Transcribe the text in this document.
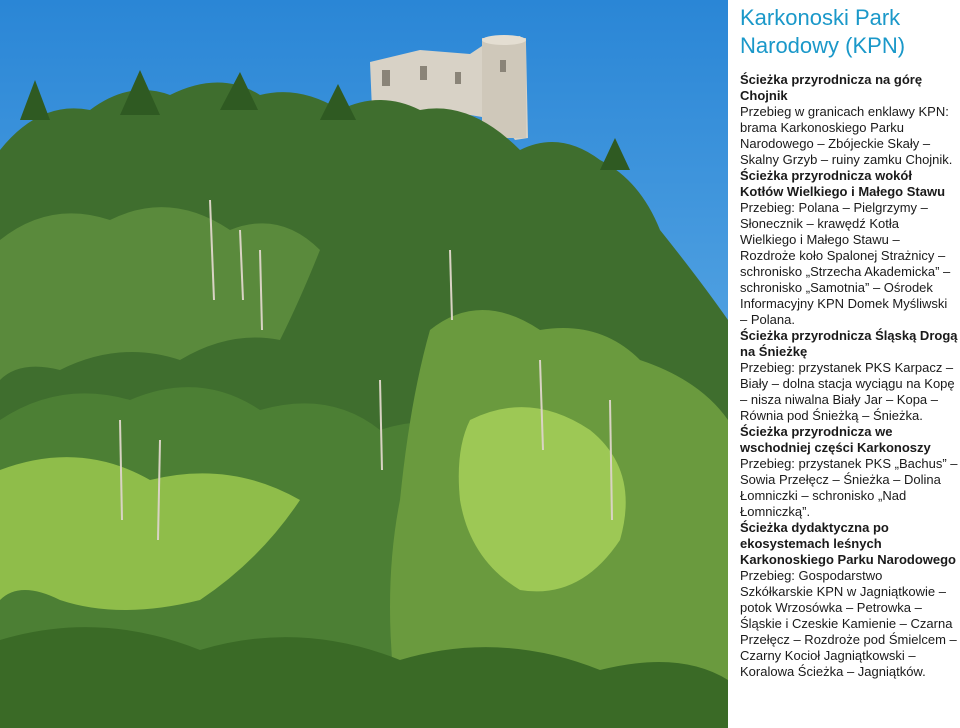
Karkonoski Park Narodowy (KPN)
Ścieżka przyrodnicza na górę Chojnik
Przebieg w granicach enklawy KPN: brama Karkonoskiego Parku Narodowego – Zbójeckie Skały – Skalny Grzyb – ruiny zamku Chojnik.
Ścieżka przyrodnicza wokół Kotłów Wielkiego i Małego Stawu
Przebieg: Polana – Pielgrzymy – Słonecznik – krawędź Kotła Wielkiego i Małego Stawu – Rozdroże koło Spalonej Strażnicy – schronisko „Strzecha Akademicka” – schronisko „Samotnia” – Ośrodek Informacyjny KPN Domek Myśliwski – Polana.
Ścieżka przyrodnicza Śląską Drogą na Śnieżkę
Przebieg: przystanek PKS Karpacz – Biały – dolna stacja wyciągu na Kopę – nisza niwalna Biały Jar – Kopa – Równia pod Śnieżką – Śnieżka.
Ścieżka przyrodnicza we wschodniej części Karkonoszy
Przebieg: przystanek PKS „Bachus” – Sowia Przełęcz – Śnieżka – Dolina Łomniczki – schronisko „Nad Łomniczką”.
Ścieżka dydaktyczna po ekosystemach leśnych Karkonoskiego Parku Narodowego
Przebieg: Gospodarstwo Szkółkarskie KPN w Jagniątkowie – potok Wrzosówka – Petrowka – Śląskie i Czeskie Kamienie – Czarna Przełęcz – Rozdroże pod Śmielcem – Czarny Kocioł Jagniątkowski – Koralowa Ścieżka – Jagniątków.
